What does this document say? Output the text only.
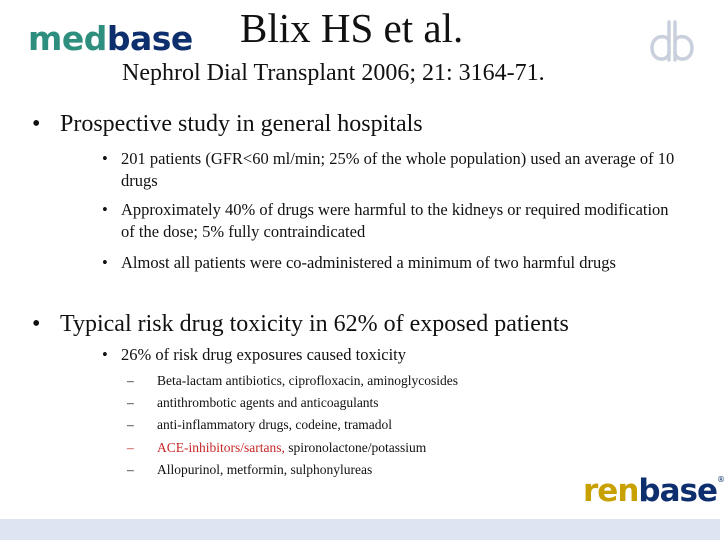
medbase Blix HS et al.
Nephrol Dial Transplant 2006; 21: 3164-71.
• Prospective study in general hospitals
• 201 patients (GFR<60 ml/min; 25% of the whole population) used an average of 10 drugs
• Approximately 40% of drugs were harmful to the kidneys or required modification of the dose; 5% fully contraindicated
• Almost all patients were co-administered a minimum of two harmful drugs
• Typical risk drug toxicity in 62% of exposed patients
• 26% of risk drug exposures caused toxicity
– Beta-lactam antibiotics, ciprofloxacin, aminoglycosides
– antithrombotic agents and anticoagulants
– anti-inflammatory drugs, codeine, tramadol
– ACE-inhibitors/sartans, spironolactone/potassium
– Allopurinol, metformin, sulphonylureas
renbase®
